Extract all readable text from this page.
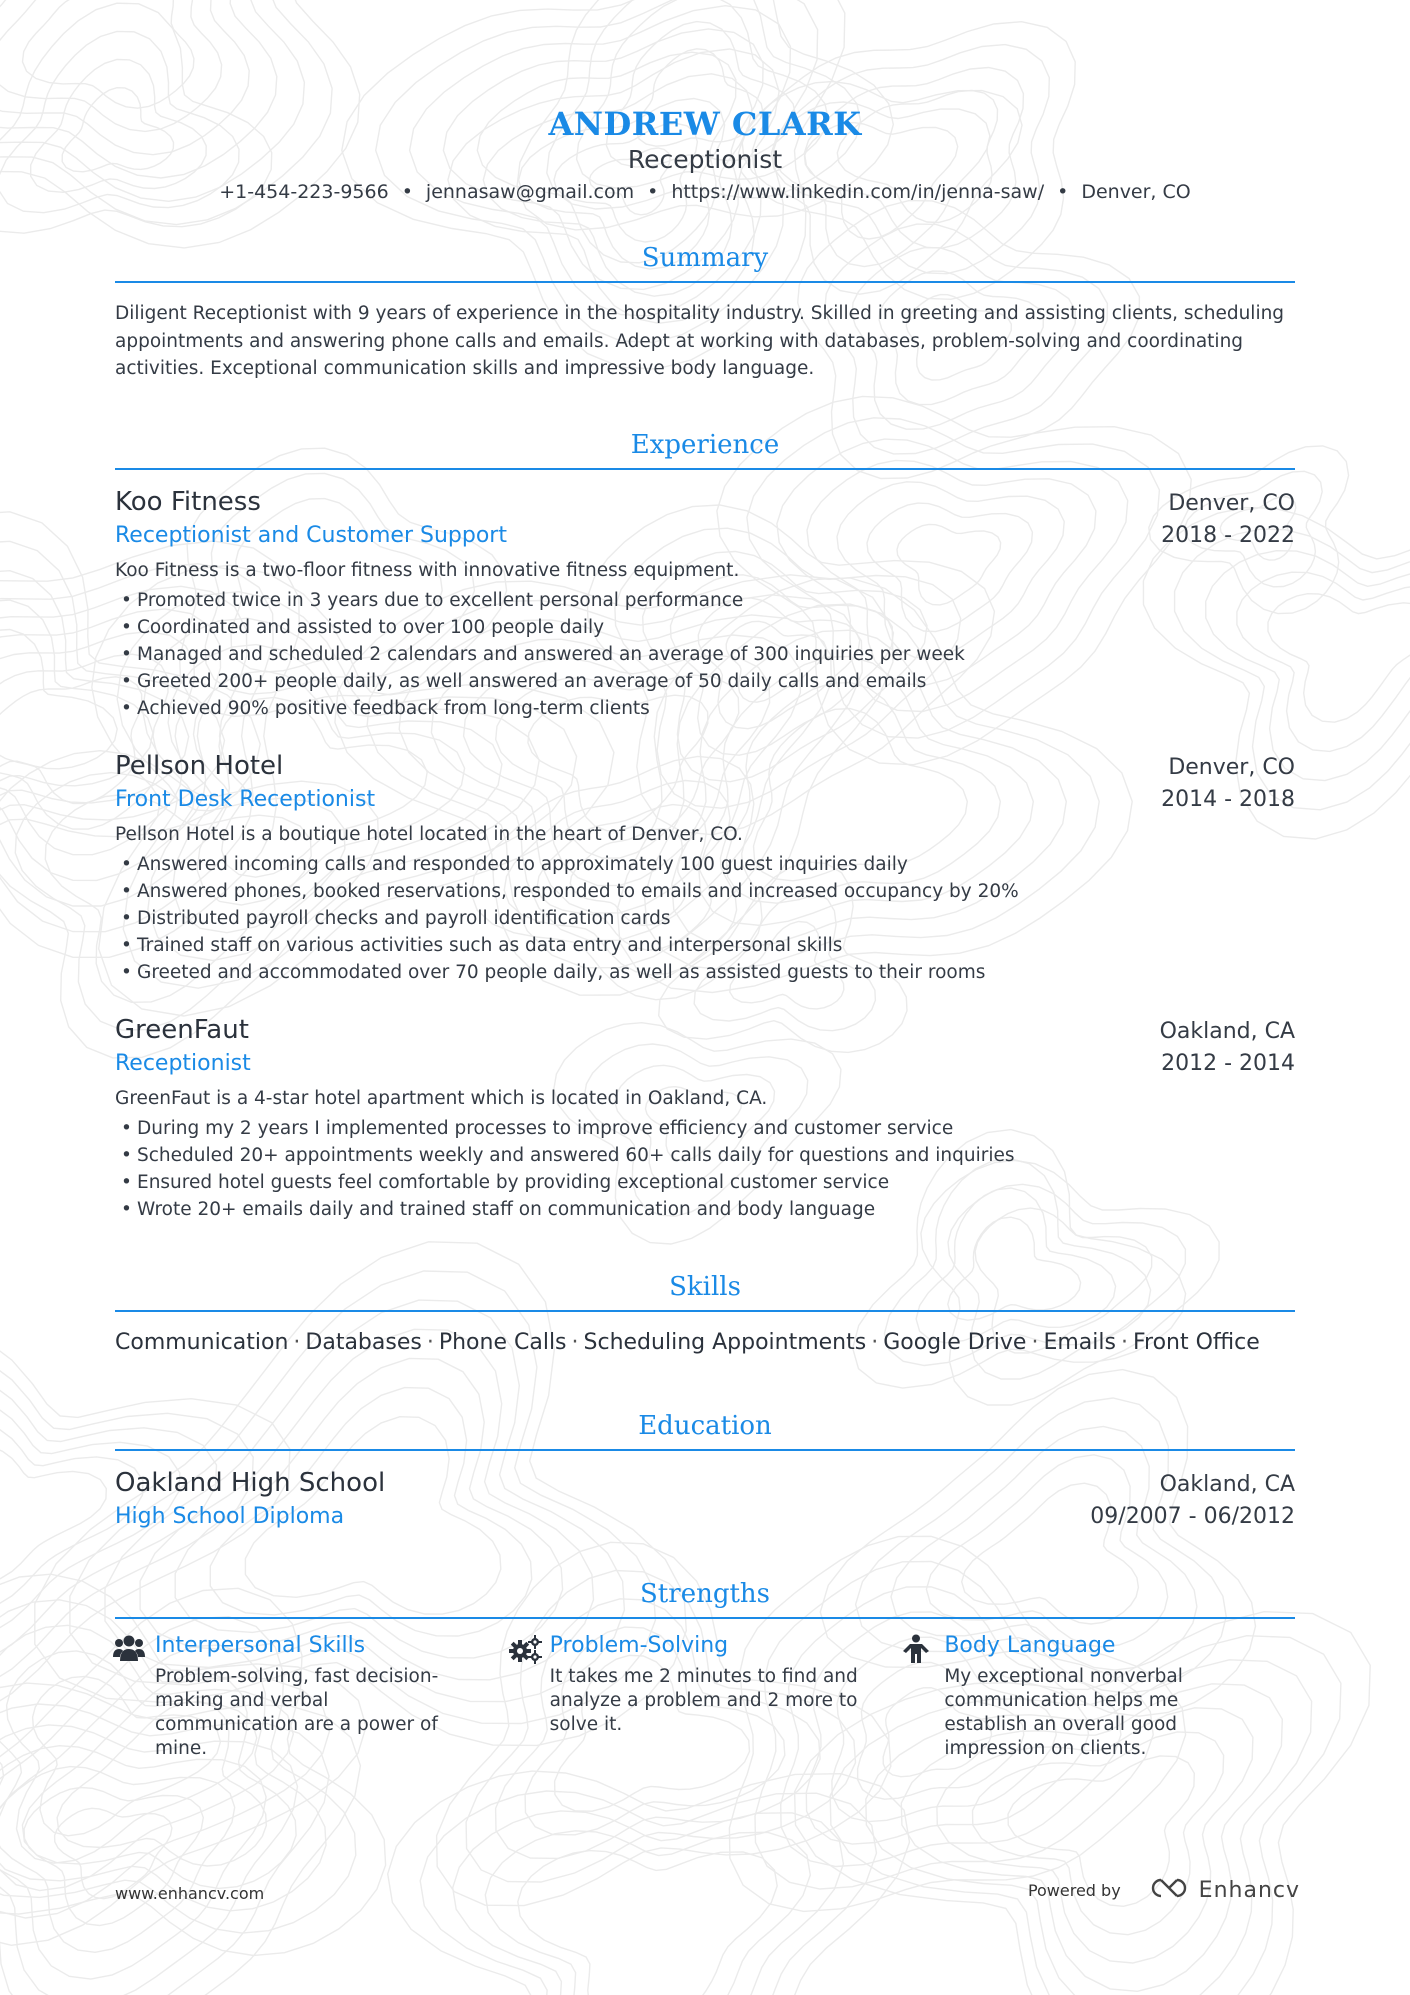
ANDREW CLARK
Receptionist
+1-454-223-9566 • jennasaw@gmail.com • https://www.linkedin.com/in/jenna-saw/ • Denver, CO
Summary
Diligent Receptionist with 9 years of experience in the hospitality industry. Skilled in greeting and assisting clients, scheduling appointments and answering phone calls and emails. Adept at working with databases, problem-solving and coordinating activities. Exceptional communication skills and impressive body language.
Experience
Koo Fitness	Denver, CO
Receptionist and Customer Support	2018 - 2022
Koo Fitness is a two-floor fitness with innovative fitness equipment.
• Promoted twice in 3 years due to excellent personal performance
• Coordinated and assisted to over 100 people daily
• Managed and scheduled 2 calendars and answered an average of 300 inquiries per week
• Greeted 200+ people daily, as well answered an average of 50 daily calls and emails
• Achieved 90% positive feedback from long-term clients
Pellson Hotel	Denver, CO
Front Desk Receptionist	2014 - 2018
Pellson Hotel is a boutique hotel located in the heart of Denver, CO.
• Answered incoming calls and responded to approximately 100 guest inquiries daily
• Answered phones, booked reservations, responded to emails and increased occupancy by 20%
• Distributed payroll checks and payroll identification cards
• Trained staff on various activities such as data entry and interpersonal skills
• Greeted and accommodated over 70 people daily, as well as assisted guests to their rooms
GreenFaut	Oakland, CA
Receptionist	2012 - 2014
GreenFaut is a 4-star hotel apartment which is located in Oakland, CA.
• During my 2 years I implemented processes to improve efficiency and customer service
• Scheduled 20+ appointments weekly and answered 60+ calls daily for questions and inquiries
• Ensured hotel guests feel comfortable by providing exceptional customer service
• Wrote 20+ emails daily and trained staff on communication and body language
Skills
Communication · Databases · Phone Calls · Scheduling Appointments · Google Drive · Emails · Front Office
Education
Oakland High School	Oakland, CA
High School Diploma	09/2007 - 06/2012
Strengths
Interpersonal Skills
Problem-solving, fast decision-making and verbal communication are a power of mine.
Problem-Solving
It takes me 2 minutes to find and analyze a problem and 2 more to solve it.
Body Language
My exceptional nonverbal communication helps me establish an overall good impression on clients.
www.enhancv.com	Powered by	Enhancv
